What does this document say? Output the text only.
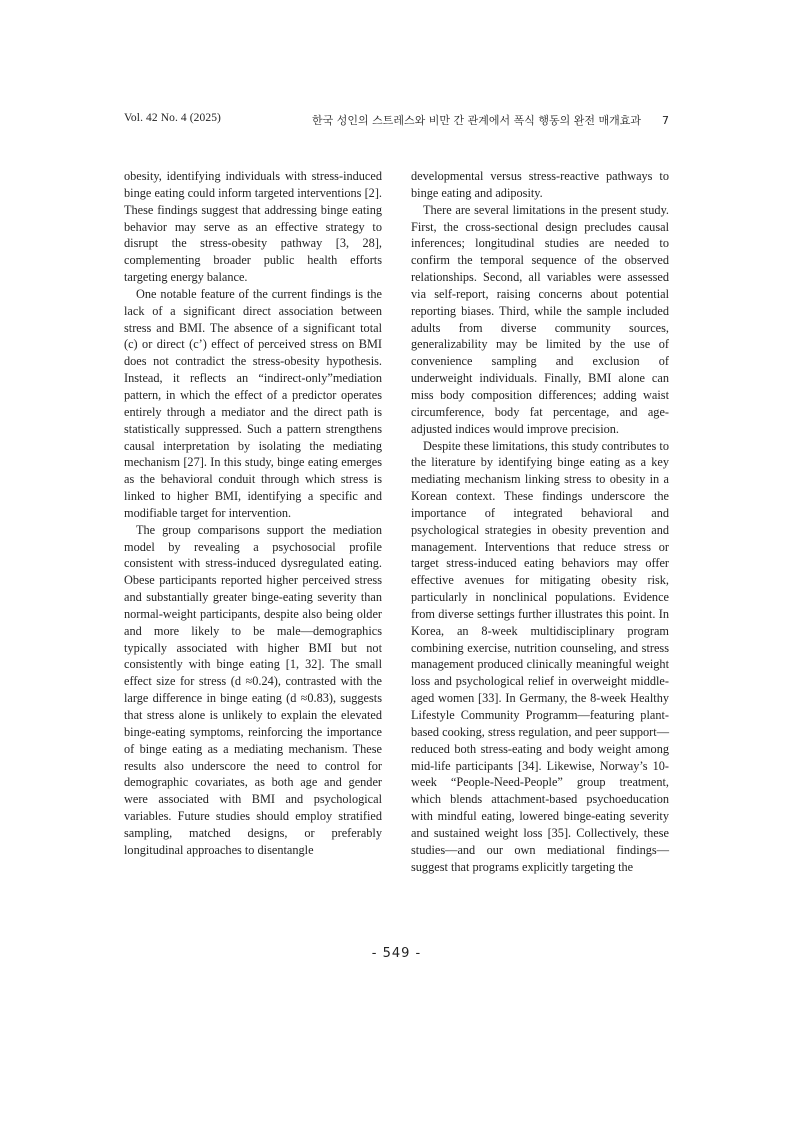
Vol. 42 No. 4 (2025)	한국 성인의 스트레스와 비만 간 관계에서 폭식 행동의 완전 매개효과 7

obesity, identifying individuals with stress-induced binge eating could inform targeted interventions [2]. These findings suggest that addressing binge eating behavior may serve as an effective strategy to disrupt the stress-obesity pathway [3, 28], complementing broader public health efforts targeting energy balance.

One notable feature of the current findings is the lack of a significant direct association between stress and BMI. The absence of a significant total (c) or direct (c’) effect of perceived stress on BMI does not contradict the stress-obesity hypothesis. Instead, it reflects an “indirect-only”mediation pattern, in which the effect of a predictor operates entirely through a mediator and the direct path is statistically suppressed. Such a pattern strengthens causal interpretation by isolating the mediating mechanism [27]. In this study, binge eating emerges as the behavioral conduit through which stress is linked to higher BMI, identifying a specific and modifiable target for intervention.

The group comparisons support the mediation model by revealing a psychosocial profile consistent with stress-induced dysregulated eating. Obese participants reported higher perceived stress and substantially greater binge-eating severity than normal-weight participants, despite also being older and more likely to be male—demographics typically associated with higher BMI but not consistently with binge eating [1, 32]. The small effect size for stress (d ≈0.24), contrasted with the large difference in binge eating (d ≈0.83), suggests that stress alone is unlikely to explain the elevated binge-eating symptoms, reinforcing the importance of binge eating as a mediating mechanism. These results also underscore the need to control for demographic covariates, as both age and gender were associated with BMI and psychological variables. Future studies should employ stratified sampling, matched designs, or preferably longitudinal approaches to disentangle

developmental versus stress-reactive pathways to binge eating and adiposity.

There are several limitations in the present study. First, the cross-sectional design precludes causal inferences; longitudinal studies are needed to confirm the temporal sequence of the observed relationships. Second, all variables were assessed via self-report, raising concerns about potential reporting biases. Third, while the sample included adults from diverse community sources, generalizability may be limited by the use of convenience sampling and exclusion of underweight individuals. Finally, BMI alone can miss body composition differences; adding waist circumference, body fat percentage, and age-adjusted indices would improve precision.

Despite these limitations, this study contributes to the literature by identifying binge eating as a key mediating mechanism linking stress to obesity in a Korean context. These findings underscore the importance of integrated behavioral and psychological strategies in obesity prevention and management. Interventions that reduce stress or target stress-induced eating behaviors may offer effective avenues for mitigating obesity risk, particularly in nonclinical populations. Evidence from diverse settings further illustrates this point. In Korea, an 8-week multidisciplinary program combining exercise, nutrition counseling, and stress management produced clinically meaningful weight loss and psychological relief in overweight middle-aged women [33]. In Germany, the 8-week Healthy Lifestyle Community Programm—featuring plant-based cooking, stress regulation, and peer support—reduced both stress-eating and body weight among mid-life participants [34]. Likewise, Norway’s 10-week “People-Need-People” group treatment, which blends attachment-based psychoeducation with mindful eating, lowered binge-eating severity and sustained weight loss [35]. Collectively, these studies—and our own mediational findings—suggest that programs explicitly targeting the

- 549 -
